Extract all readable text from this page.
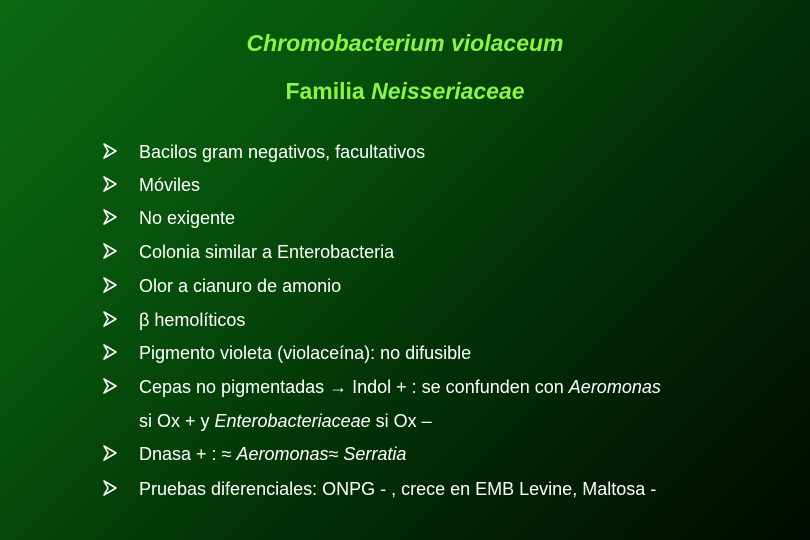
Chromobacterium violaceum
Familia Neisseriaceae
Bacilos gram negativos, facultativos
Móviles
No exigente
Colonia similar a Enterobacteria
Olor a cianuro de amonio
β hemolíticos
Pigmento violeta (violaceína): no difusible
Cepas no pigmentadas → Indol + : se confunden con Aeromonas
si Ox + y Enterobacteriaceae si Ox –
Dnasa + : ≈ Aeromonas≈ Serratia
Pruebas diferenciales: ONPG - , crece en EMB Levine, Maltosa -
